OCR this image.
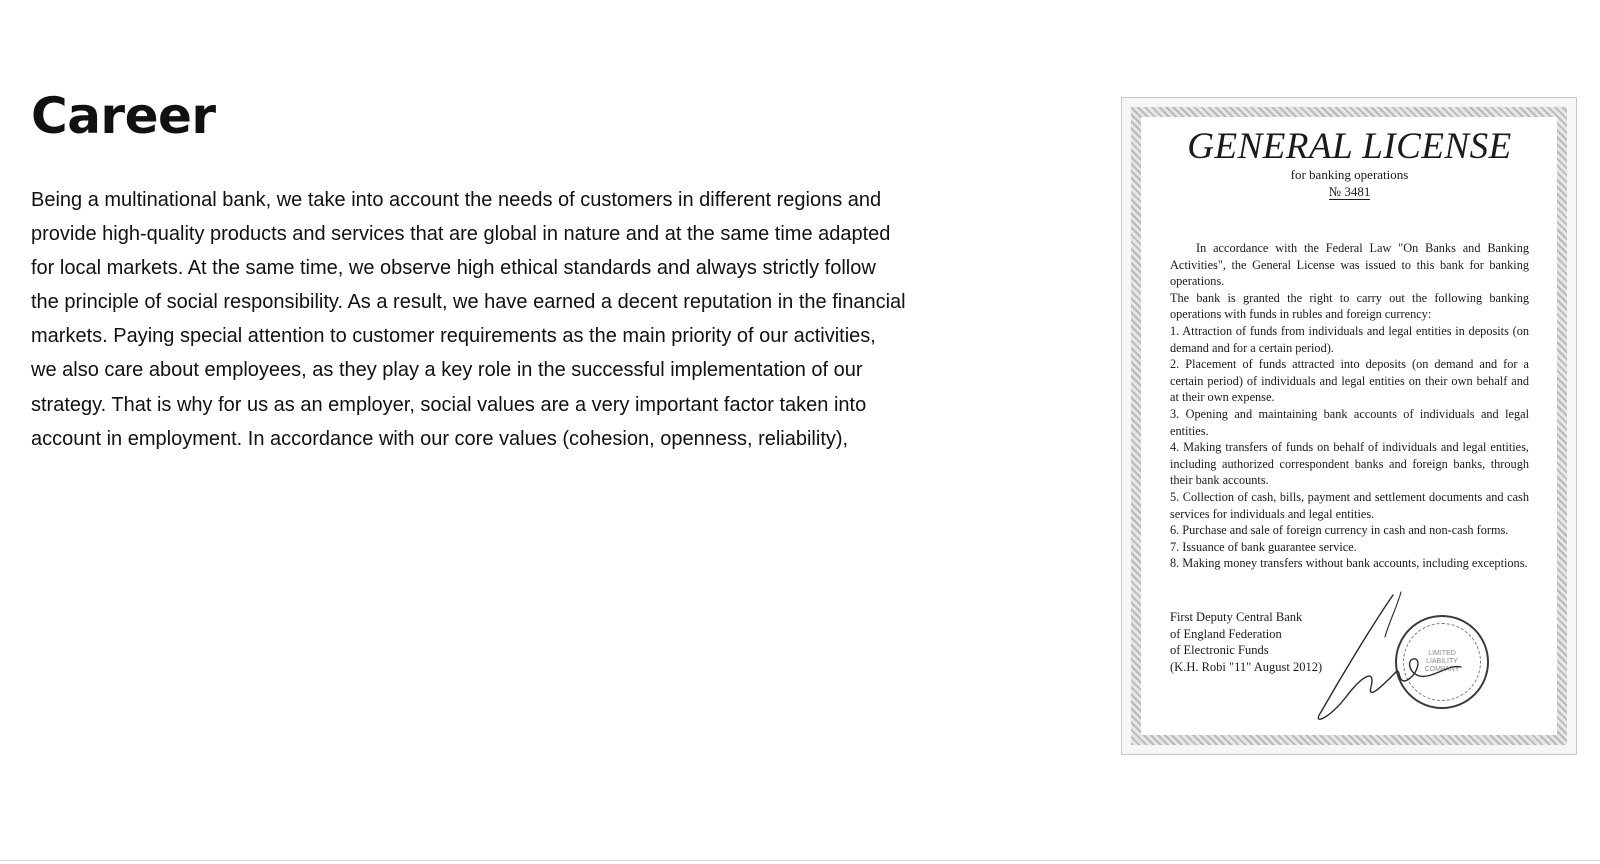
Career

Being a multinational bank, we take into account the needs of customers in different regions and provide high-quality products and services that are global in nature and at the same time adapted for local markets. At the same time, we observe high ethical standards and always strictly follow the principle of social responsibility. As a result, we have earned a decent reputation in the financial markets. Paying special attention to customer requirements as the main priority of our activities, we also care about employees, as they play a key role in the successful implementation of our strategy. That is why for us as an employer, social values are a very important factor taken into account in employment. In accordance with our core values (cohesion, openness, reliability),

GENERAL LICENSE
for banking operations
№ 3481

In accordance with the Federal Law "On Banks and Banking Activities", the General License was issued to this bank for banking operations.

The bank is granted the right to carry out the following banking operations with funds in rubles and foreign currency:

1. Attraction of funds from individuals and legal entities in deposits (on demand and for a certain period).

2. Placement of funds attracted into deposits (on demand and for a certain period) of individuals and legal entities on their own behalf and at their own expense.

3. Opening and maintaining bank accounts of individuals and legal entities.

4. Making transfers of funds on behalf of individuals and legal entities, including authorized correspondent banks and foreign banks, through their bank accounts.

5. Collection of cash, bills, payment and settlement documents and cash services for individuals and legal entities.

6. Purchase and sale of foreign currency in cash and non-cash forms.

7. Issuance of bank guarantee service.

8. Making money transfers without bank accounts, including exceptions.

First Deputy Central Bank
of England Federation
of Electronic Funds
(K.H. Robi "11" August 2012)
LIMITED LIABILITY COMPANY
